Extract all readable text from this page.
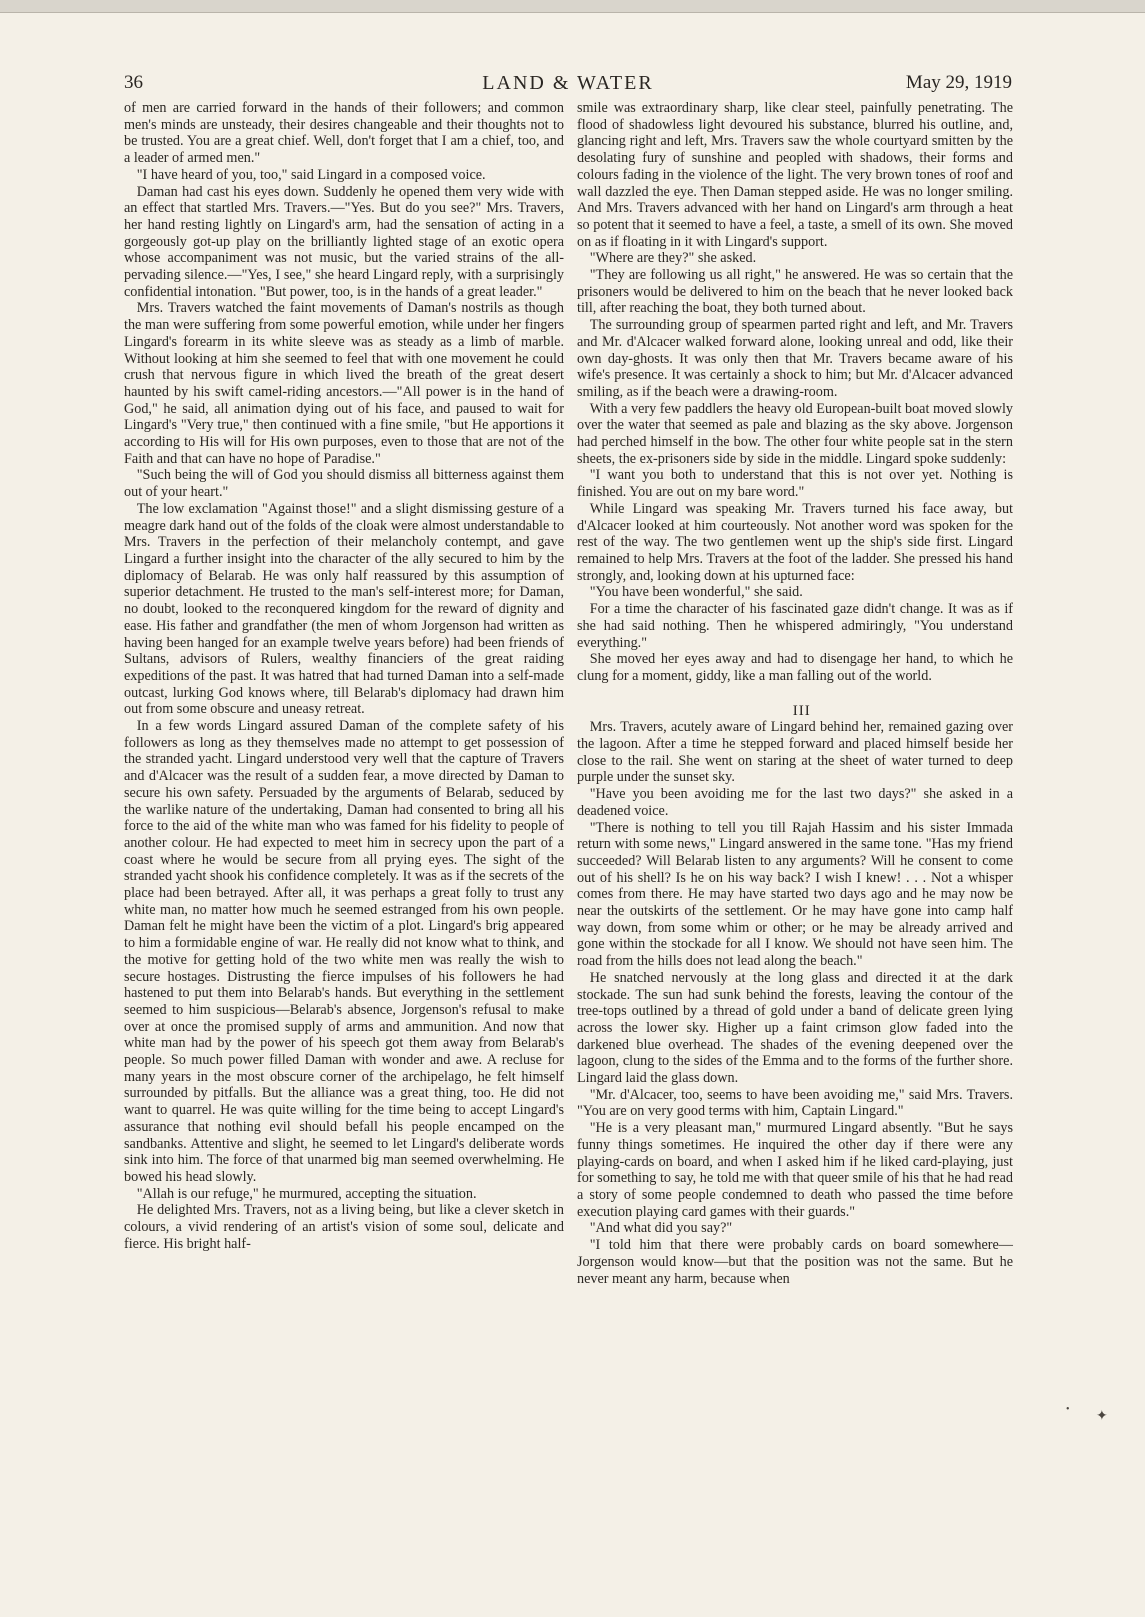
36	LAND & WATER	May 29, 1919

of men are carried forward in the hands of their followers; and common men's minds are unsteady, their desires changeable and their thoughts not to be trusted. You are a great chief. Well, don't forget that I am a chief, too, and a leader of armed men."

"I have heard of you, too," said Lingard in a composed voice.

Daman had cast his eyes down. Suddenly he opened them very wide with an effect that startled Mrs. Travers.—"Yes. But do you see?" Mrs. Travers, her hand resting lightly on Lingard's arm, had the sensation of acting in a gorgeously got-up play on the brilliantly lighted stage of an exotic opera whose accompaniment was not music, but the varied strains of the all-pervading silence.—"Yes, I see," she heard Lingard reply, with a surprisingly confidential intonation. "But power, too, is in the hands of a great leader."

Mrs. Travers watched the faint movements of Daman's nostrils as though the man were suffering from some powerful emotion, while under her fingers Lingard's forearm in its white sleeve was as steady as a limb of marble. Without looking at him she seemed to feel that with one movement he could crush that nervous figure in which lived the breath of the great desert haunted by his swift camel-riding ancestors.—"All power is in the hand of God," he said, all animation dying out of his face, and paused to wait for Lingard's "Very true," then continued with a fine smile, "but He apportions it according to His will for His own purposes, even to those that are not of the Faith and that can have no hope of Paradise."

"Such being the will of God you should dismiss all bitterness against them out of your heart."

The low exclamation "Against those!" and a slight dismissing gesture of a meagre dark hand out of the folds of the cloak were almost understandable to Mrs. Travers in the perfection of their melancholy contempt, and gave Lingard a further insight into the character of the ally secured to him by the diplomacy of Belarab. He was only half reassured by this assumption of superior detachment. He trusted to the man's self-interest more; for Daman, no doubt, looked to the reconquered kingdom for the reward of dignity and ease. His father and grandfather (the men of whom Jorgenson had written as having been hanged for an example twelve years before) had been friends of Sultans, advisors of Rulers, wealthy financiers of the great raiding expeditions of the past. It was hatred that had turned Daman into a self-made outcast, lurking God knows where, till Belarab's diplomacy had drawn him out from some obscure and uneasy retreat.

In a few words Lingard assured Daman of the complete safety of his followers as long as they themselves made no attempt to get possession of the stranded yacht. Lingard understood very well that the capture of Travers and d'Alcacer was the result of a sudden fear, a move directed by Daman to secure his own safety. Persuaded by the arguments of Belarab, seduced by the warlike nature of the undertaking, Daman had consented to bring all his force to the aid of the white man who was famed for his fidelity to people of another colour. He had expected to meet him in secrecy upon the part of a coast where he would be secure from all prying eyes. The sight of the stranded yacht shook his confidence completely. It was as if the secrets of the place had been betrayed. After all, it was perhaps a great folly to trust any white man, no matter how much he seemed estranged from his own people. Daman felt he might have been the victim of a plot. Lingard's brig appeared to him a formidable engine of war. He really did not know what to think, and the motive for getting hold of the two white men was really the wish to secure hostages. Distrusting the fierce impulses of his followers he had hastened to put them into Belarab's hands. But everything in the settlement seemed to him suspicious—Belarab's absence, Jorgenson's refusal to make over at once the promised supply of arms and ammunition. And now that white man had by the power of his speech got them away from Belarab's people. So much power filled Daman with wonder and awe. A recluse for many years in the most obscure corner of the archipelago, he felt himself surrounded by pitfalls. But the alliance was a great thing, too. He did not want to quarrel. He was quite willing for the time being to accept Lingard's assurance that nothing evil should befall his people encamped on the sandbanks. Attentive and slight, he seemed to let Lingard's deliberate words sink into him. The force of that unarmed big man seemed overwhelming. He bowed his head slowly.

"Allah is our refuge," he murmured, accepting the situation.

He delighted Mrs. Travers, not as a living being, but like a clever sketch in colours, a vivid rendering of an artist's vision of some soul, delicate and fierce. His bright half-

smile was extraordinary sharp, like clear steel, painfully penetrating. The flood of shadowless light devoured his substance, blurred his outline, and, glancing right and left, Mrs. Travers saw the whole courtyard smitten by the desolating fury of sunshine and peopled with shadows, their forms and colours fading in the violence of the light. The very brown tones of roof and wall dazzled the eye. Then Daman stepped aside. He was no longer smiling. And Mrs. Travers advanced with her hand on Lingard's arm through a heat so potent that it seemed to have a feel, a taste, a smell of its own. She moved on as if floating in it with Lingard's support.

"Where are they?" she asked.

"They are following us all right," he answered. He was so certain that the prisoners would be delivered to him on the beach that he never looked back till, after reaching the boat, they both turned about.

The surrounding group of spearmen parted right and left, and Mr. Travers and Mr. d'Alcacer walked forward alone, looking unreal and odd, like their own day-ghosts. It was only then that Mr. Travers became aware of his wife's presence. It was certainly a shock to him; but Mr. d'Alcacer advanced smiling, as if the beach were a drawing-room.

With a very few paddlers the heavy old European-built boat moved slowly over the water that seemed as pale and blazing as the sky above. Jorgenson had perched himself in the bow. The other four white people sat in the stern sheets, the ex-prisoners side by side in the middle. Lingard spoke suddenly:

"I want you both to understand that this is not over yet. Nothing is finished. You are out on my bare word."

While Lingard was speaking Mr. Travers turned his face away, but d'Alcacer looked at him courteously. Not another word was spoken for the rest of the way. The two gentlemen went up the ship's side first. Lingard remained to help Mrs. Travers at the foot of the ladder. She pressed his hand strongly, and, looking down at his upturned face:

"You have been wonderful," she said.

For a time the character of his fascinated gaze didn't change. It was as if she had said nothing. Then he whispered admiringly, "You understand everything."

She moved her eyes away and had to disengage her hand, to which he clung for a moment, giddy, like a man falling out of the world.

III

Mrs. Travers, acutely aware of Lingard behind her, remained gazing over the lagoon. After a time he stepped forward and placed himself beside her close to the rail. She went on staring at the sheet of water turned to deep purple under the sunset sky.

"Have you been avoiding me for the last two days?" she asked in a deadened voice.

"There is nothing to tell you till Rajah Hassim and his sister Immada return with some news," Lingard answered in the same tone. "Has my friend succeeded? Will Belarab listen to any arguments? Will he consent to come out of his shell? Is he on his way back? I wish I knew! . . . Not a whisper comes from there. He may have started two days ago and he may now be near the outskirts of the settlement. Or he may have gone into camp half way down, from some whim or other; or he may be already arrived and gone within the stockade for all I know. We should not have seen him. The road from the hills does not lead along the beach."

He snatched nervously at the long glass and directed it at the dark stockade. The sun had sunk behind the forests, leaving the contour of the tree-tops outlined by a thread of gold under a band of delicate green lying across the lower sky. Higher up a faint crimson glow faded into the darkened blue overhead. The shades of the evening deepened over the lagoon, clung to the sides of the Emma and to the forms of the further shore. Lingard laid the glass down.

"Mr. d'Alcacer, too, seems to have been avoiding me," said Mrs. Travers. "You are on very good terms with him, Captain Lingard."

"He is a very pleasant man," murmured Lingard absently. "But he says funny things sometimes. He inquired the other day if there were any playing-cards on board, and when I asked him if he liked card-playing, just for something to say, he told me with that queer smile of his that he had read a story of some people condemned to death who passed the time before execution playing card games with their guards."

"And what did you say?"

"I told him that there were probably cards on board somewhere—Jorgenson would know—but that the position was not the same. But he never meant any harm, because when

✦
•
